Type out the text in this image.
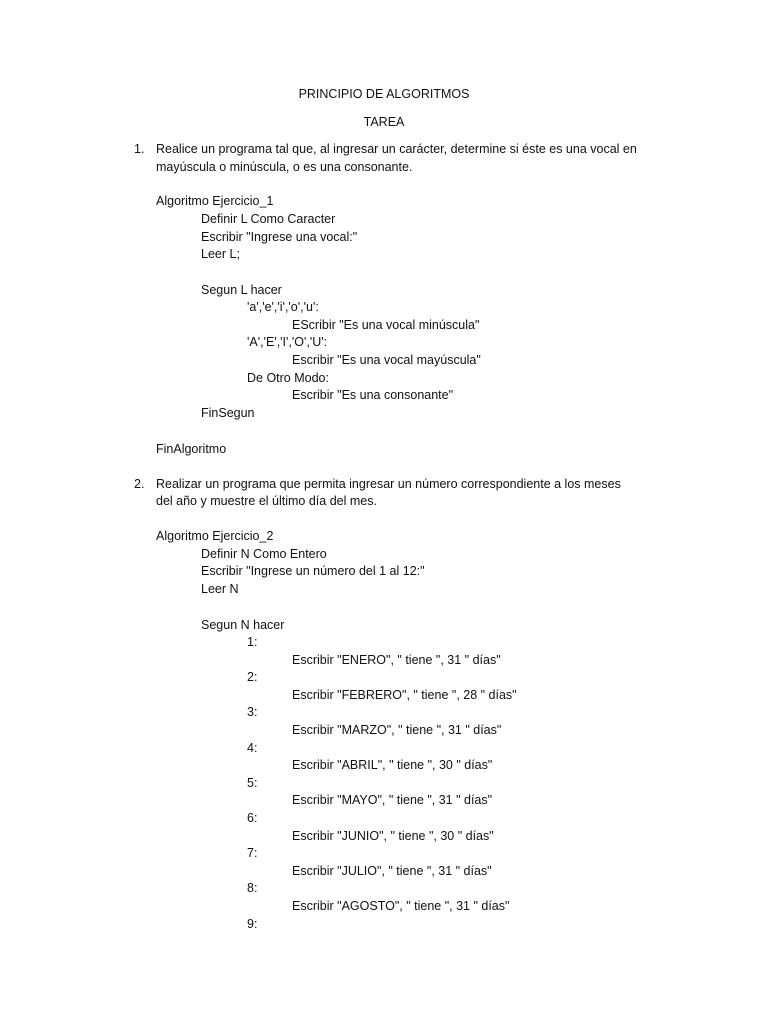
PRINCIPIO DE ALGORITMOS
TAREA
1. Realice un programa tal que, al ingresar un carácter, determine si éste es una vocal en
mayúscula o minúscula, o es una consonante.
Algoritmo Ejercicio_1
Definir L Como Caracter
Escribir "Ingrese una vocal:"
Leer L;
Segun L hacer
'a','e','i','o','u':
EScribir "Es una vocal minúscula"
'A','E','I','O','U':
Escribir "Es una vocal mayúscula"
De Otro Modo:
Escribir "Es una consonante"
FinSegun
FinAlgoritmo
2. Realizar un programa que permita ingresar un número correspondiente a los meses
del año y muestre el último día del mes.
Algoritmo Ejercicio_2
Definir N Como Entero
Escribir "Ingrese un número del 1 al 12:"
Leer N
Segun N hacer
1:
Escribir "ENERO", " tiene ", 31 " días"
2:
Escribir "FEBRERO", " tiene ", 28 " días"
3:
Escribir "MARZO", " tiene ", 31 " días"
4:
Escribir "ABRIL", " tiene ", 30 " días"
5:
Escribir "MAYO", " tiene ", 31 " días"
6:
Escribir "JUNIO", " tiene ", 30 " días"
7:
Escribir "JULIO", " tiene ", 31 " días"
8:
Escribir "AGOSTO", " tiene ", 31 " días"
9:
